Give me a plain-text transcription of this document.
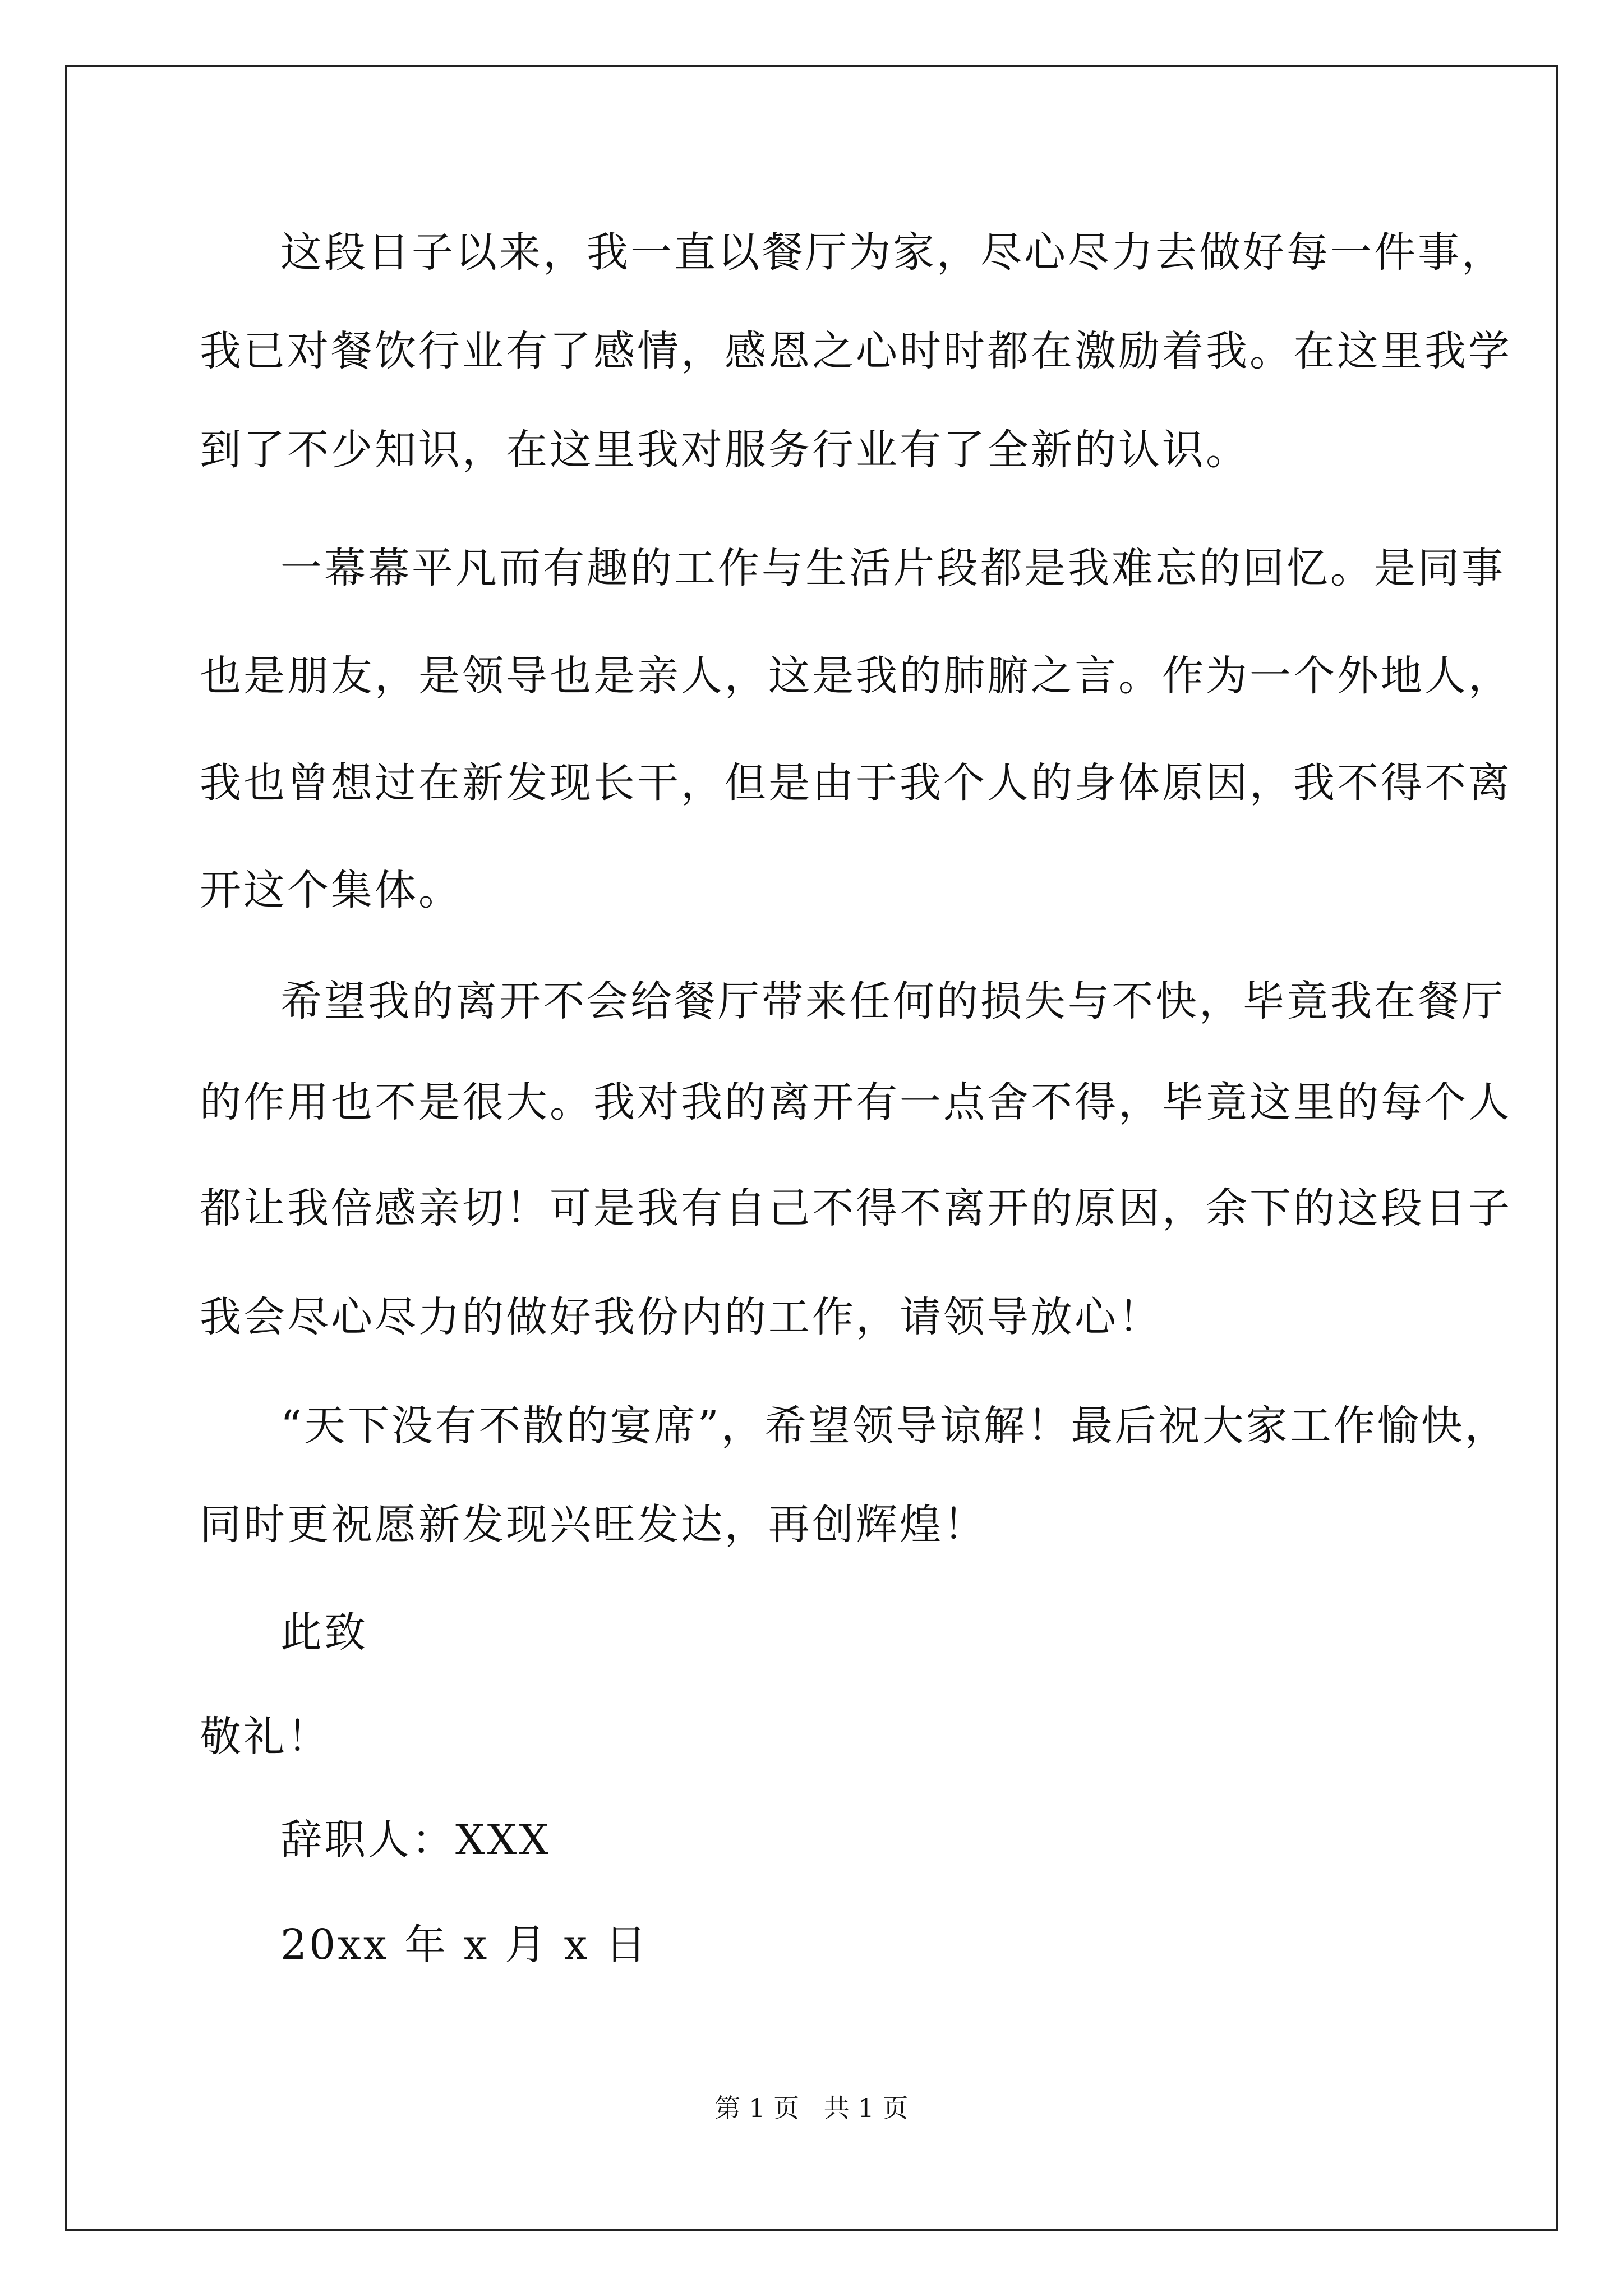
这段日子以来，我一直以餐厅为家，尽心尽力去做好每一件事，

我已对餐饮行业有了感情，感恩之心时时都在激励着我。在这里我学

到了不少知识，在这里我对服务行业有了全新的认识。

一幕幕平凡而有趣的工作与生活片段都是我难忘的回忆。是同事

也是朋友，是领导也是亲人，这是我的肺腑之言。作为一个外地人，

我也曾想过在新发现长干，但是由于我个人的身体原因，我不得不离

开这个集体。

希望我的离开不会给餐厅带来任何的损失与不快，毕竟我在餐厅

的作用也不是很大。我对我的离开有一点舍不得，毕竟这里的每个人

都让我倍感亲切！可是我有自己不得不离开的原因，余下的这段日子

我会尽心尽力的做好我份内的工作，请领导放心！

“天下没有不散的宴席”，希望领导谅解！最后祝大家工作愉快，

同时更祝愿新发现兴旺发达，再创辉煌！

此致

敬礼！

辞职人：XXX

20xx 年 x 月 x 日

第 1 页   共 1 页
